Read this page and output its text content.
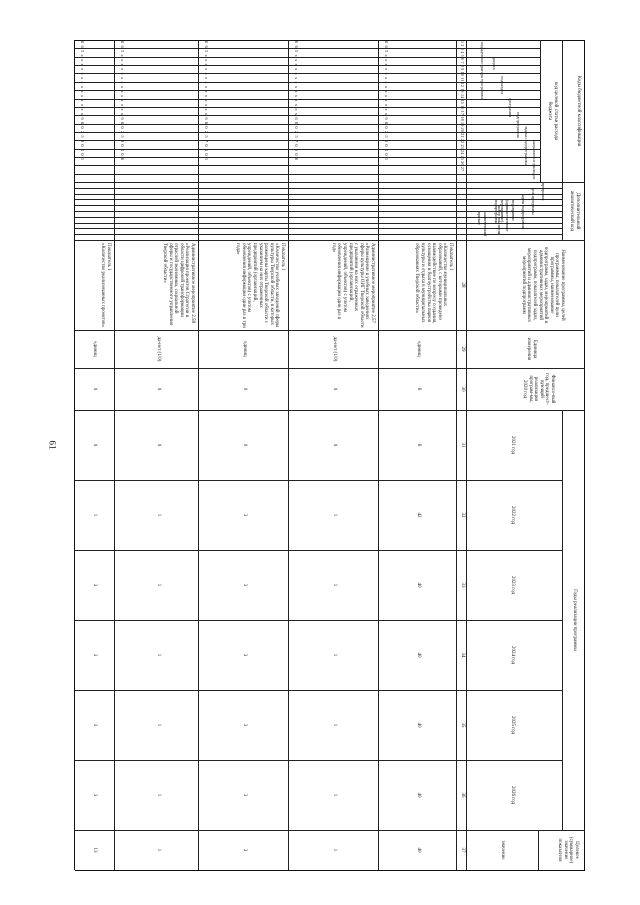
61
Коды бюджетной классификации
код целевой статьи расхода
бюджета
Дополнительный
аналитический код
код администратора программы раздел
подраздел
программа
подпрограмма
задача подпрограммы направление расходов
программа
цель программы
задача подпрограммы
мероприятие (административное мероприятие) подпрограммы
номер показателя
аналитический признак
Наименование программы, целей программы, показателей цели программы, наименование подпрограмм, задач, мероприятий и административных мероприятий подпрограмм, показателей задач, мероприятий и административных мероприятий подпрограмм
Единица измерения
Финансо-вый год, предшест-вующий реализации програм-мы, 2020 год
Годы реализации программы
2021 год
2022 год
2023 год
2024 год
2025 год
2026 год
Целевое (суммарное) значение показателя
значение
1 2 3 4 5 6 7 8 9 10 11 12 13 14 15 16 17 18 19 20 21 22 23 24 25 26 27
28
29
30
31
32
33
34
35
36
37
0 6 5 х х х х х х х х х х х х х х 6 0 0 2 5 0 0 0 0 1
Показатель 1
«Количество муниципальных образований, с которыми проведено взаимодействие по вопросу создания, оснащения и благоустройства парков культуры и отдыха в муниципальных образованиях Тверской области»
единиц
6
6
42
40
40
40
40
40
0 6 5 х х х х х х х х х х х х х х 6 0 0 2 5 7 0 0 0 0
Административное мероприятие 2.57
«Размещение в учебных заведениях сферы культуры ОИГ Тверской области с указанием на них отраженных предприятий (организаций, учреждений, объектов) с учетом обновления информации один раз в год»
да-нет (1/0)
0
0
1
1
1
1
1
1
0 6 5 х х х х х х х х х х х х х х 6 0 0 2 5 7 0 0 0 1
Показатель 1
«Количество учебных заведений сферы культуры Тверской области, в которых размещены карты Тверской области с указанием на них отраженных предприятий (организаций, учреждений, объектов) с учетом обновления информации один раз в три года»
единиц
0
0
3
3
3
3
3
3
0 6 5 х х х х х х х х х х х х х х 6 0 0 2 5 8 0 0 0 0
Административное мероприятие 2.58
«Реализация проектов Стратегии в области цифровой трансформации отраслей экономики, социальной сферы и государственного управления Тверской области»
да-нет (1/0)
0
0
1
1
1
1
1
1
0 6 5 х х х х х х х х х х х х х х 6 0 0 2 5 8 0 0 0 1
Показатель 1
«Количество реализованных проектов»
единиц
0
0
1
3
3
3
3
13
